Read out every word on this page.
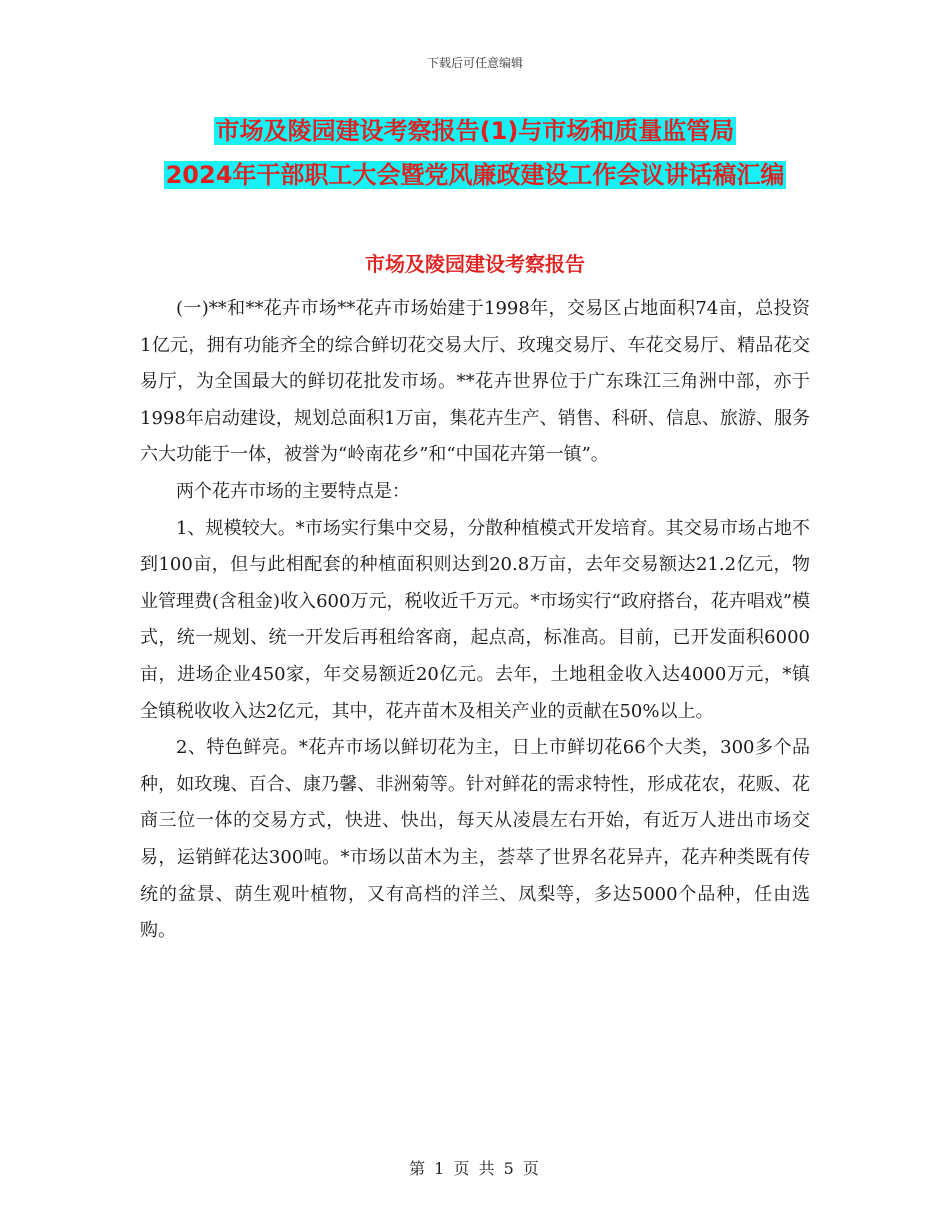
下载后可任意编辑
市场及陵园建设考察报告(1)与市场和质量监管局
2024年干部职工大会暨党风廉政建设工作会议讲话稿汇编
市场及陵园建设考察报告

(一)**和**花卉市场**花卉市场始建于1998年，交易区占地面积74亩，总投资1亿元，拥有功能齐全的综合鲜切花交易大厅、玫瑰交易厅、车花交易厅、精品花交易厅，为全国最大的鲜切花批发市场。**花卉世界位于广东珠江三角洲中部，亦于1998年启动建设，规划总面积1万亩，集花卉生产、销售、科研、信息、旅游、服务六大功能于一体，被誉为“岭南花乡”和“中国花卉第一镇”。

两个花卉市场的主要特点是：

1、规模较大。*市场实行集中交易，分散种植模式开发培育。其交易市场占地不到100亩，但与此相配套的种植面积则达到20.8万亩，去年交易额达21.2亿元，物业管理费(含租金)收入600万元，税收近千万元。*市场实行“政府搭台，花卉唱戏”模式，统一规划、统一开发后再租给客商，起点高，标准高。目前，已开发面积6000亩，进场企业450家，年交易额近20亿元。去年，土地租金收入达4000万元，*镇全镇税收收入达2亿元，其中，花卉苗木及相关产业的贡献在50%以上。

2、特色鲜亮。*花卉市场以鲜切花为主，日上市鲜切花66个大类，300多个品种，如玫瑰、百合、康乃馨、非洲菊等。针对鲜花的需求特性，形成花农，花贩、花商三位一体的交易方式，快进、快出，每天从凌晨左右开始，有近万人进出市场交易，运销鲜花达300吨。*市场以苗木为主，荟萃了世界名花异卉，花卉种类既有传统的盆景、荫生观叶植物，又有高档的洋兰、凤梨等，多达5000个品种，任由选购。

第 1 页 共 5 页
